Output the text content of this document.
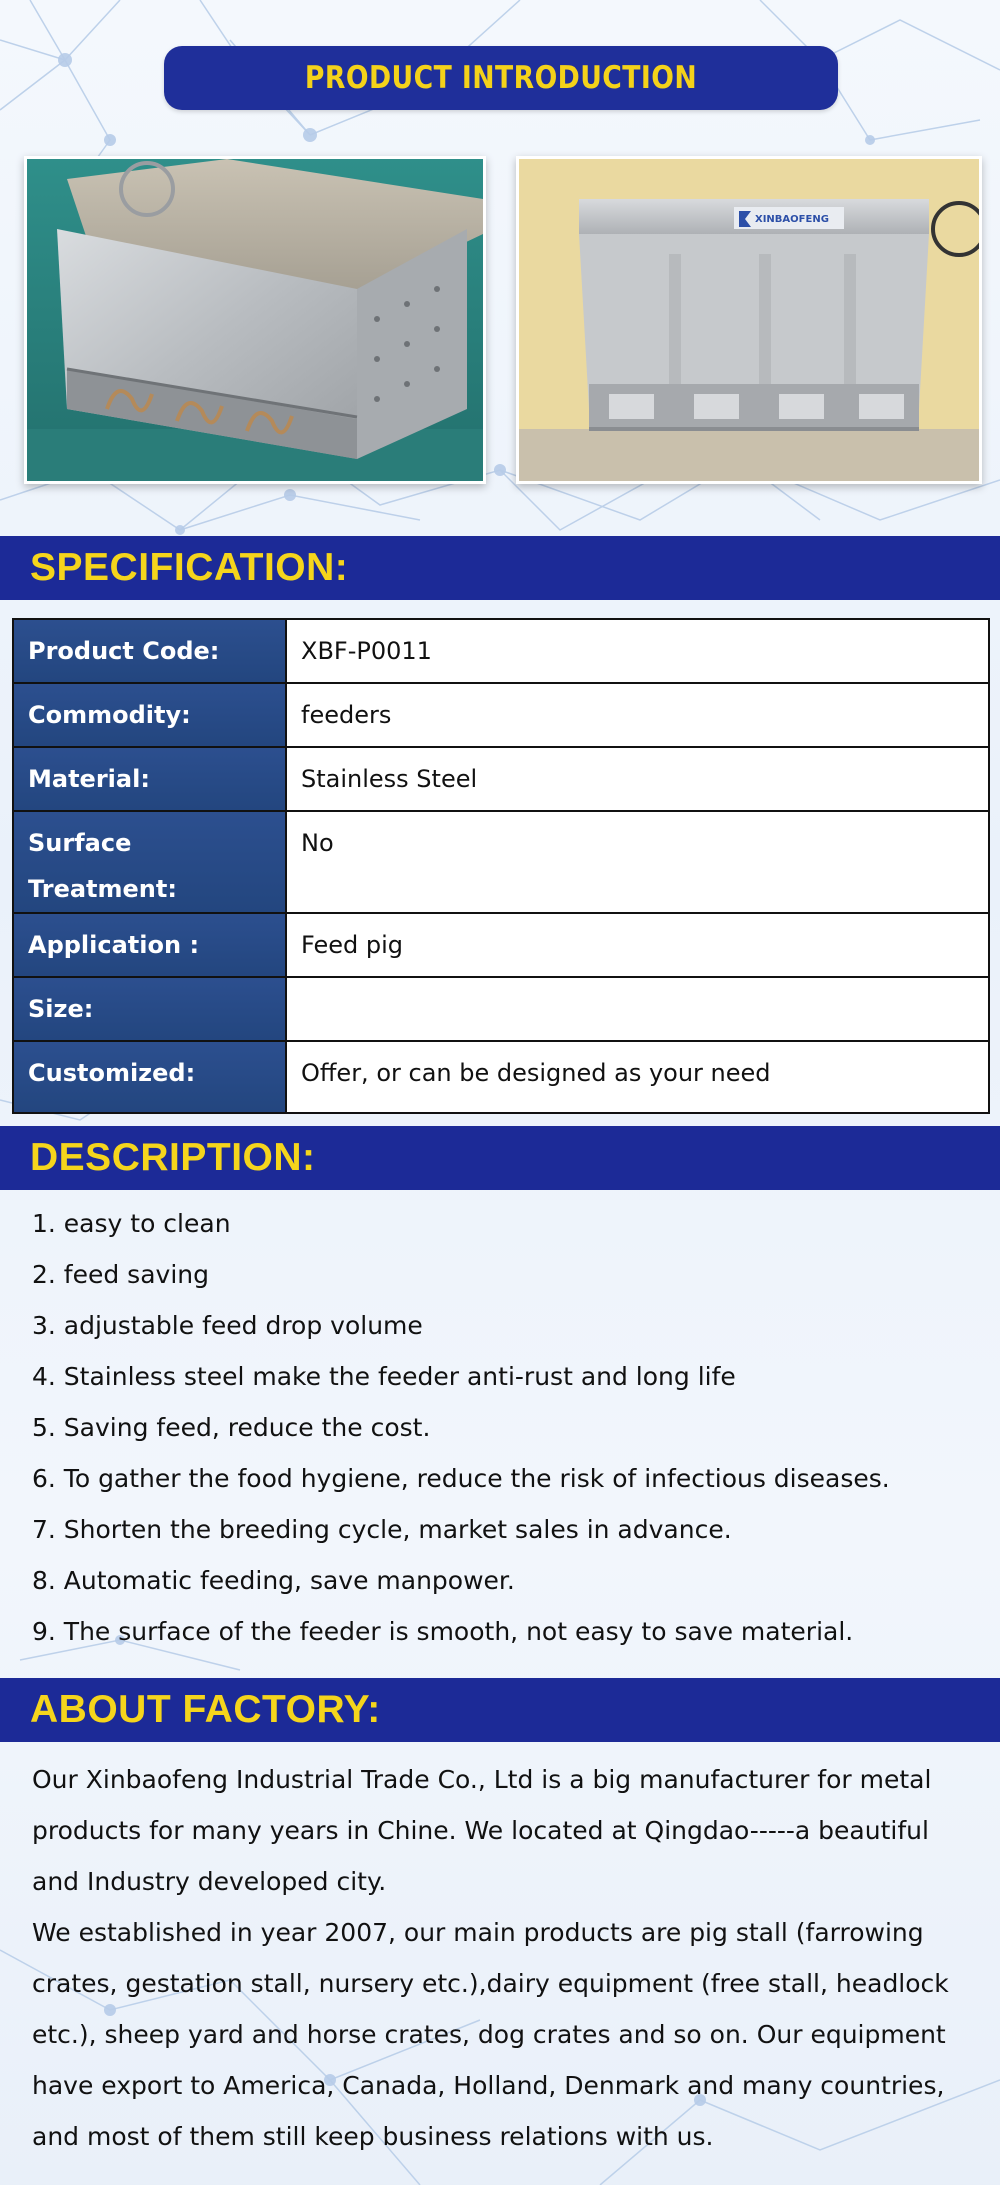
PRODUCT INTRODUCTION
XINBAOFENG
SPECIFICATION:
Product Code:	XBF-P0011
Commodity:	feeders
Material:	Stainless Steel
Surface Treatment:	No
Application :	Feed pig
Size:	
Customized:	Offer, or can be designed as your need
DESCRIPTION:
1. easy to clean
2. feed saving
3. adjustable feed drop volume
4. Stainless steel make the feeder anti-rust and long life
5. Saving feed, reduce the cost.
6. To gather the food hygiene, reduce the risk of infectious diseases.
7. Shorten the breeding cycle, market sales in advance.
8. Automatic feeding, save manpower.
9. The surface of the feeder is smooth, not easy to save material.
ABOUT FACTORY:

Our Xinbaofeng Industrial Trade Co., Ltd is a big manufacturer for metal products for many years in Chine. We located at Qingdao-----a beautiful and Industry developed city.

We established in year 2007, our main products are pig stall (farrowing crates, gestation stall, nursery etc.),dairy equipment (free stall, headlock etc.), sheep yard and horse crates, dog crates and so on. Our equipment have export to America, Canada, Holland, Denmark and many countries, and most of them still keep business relations with us.
